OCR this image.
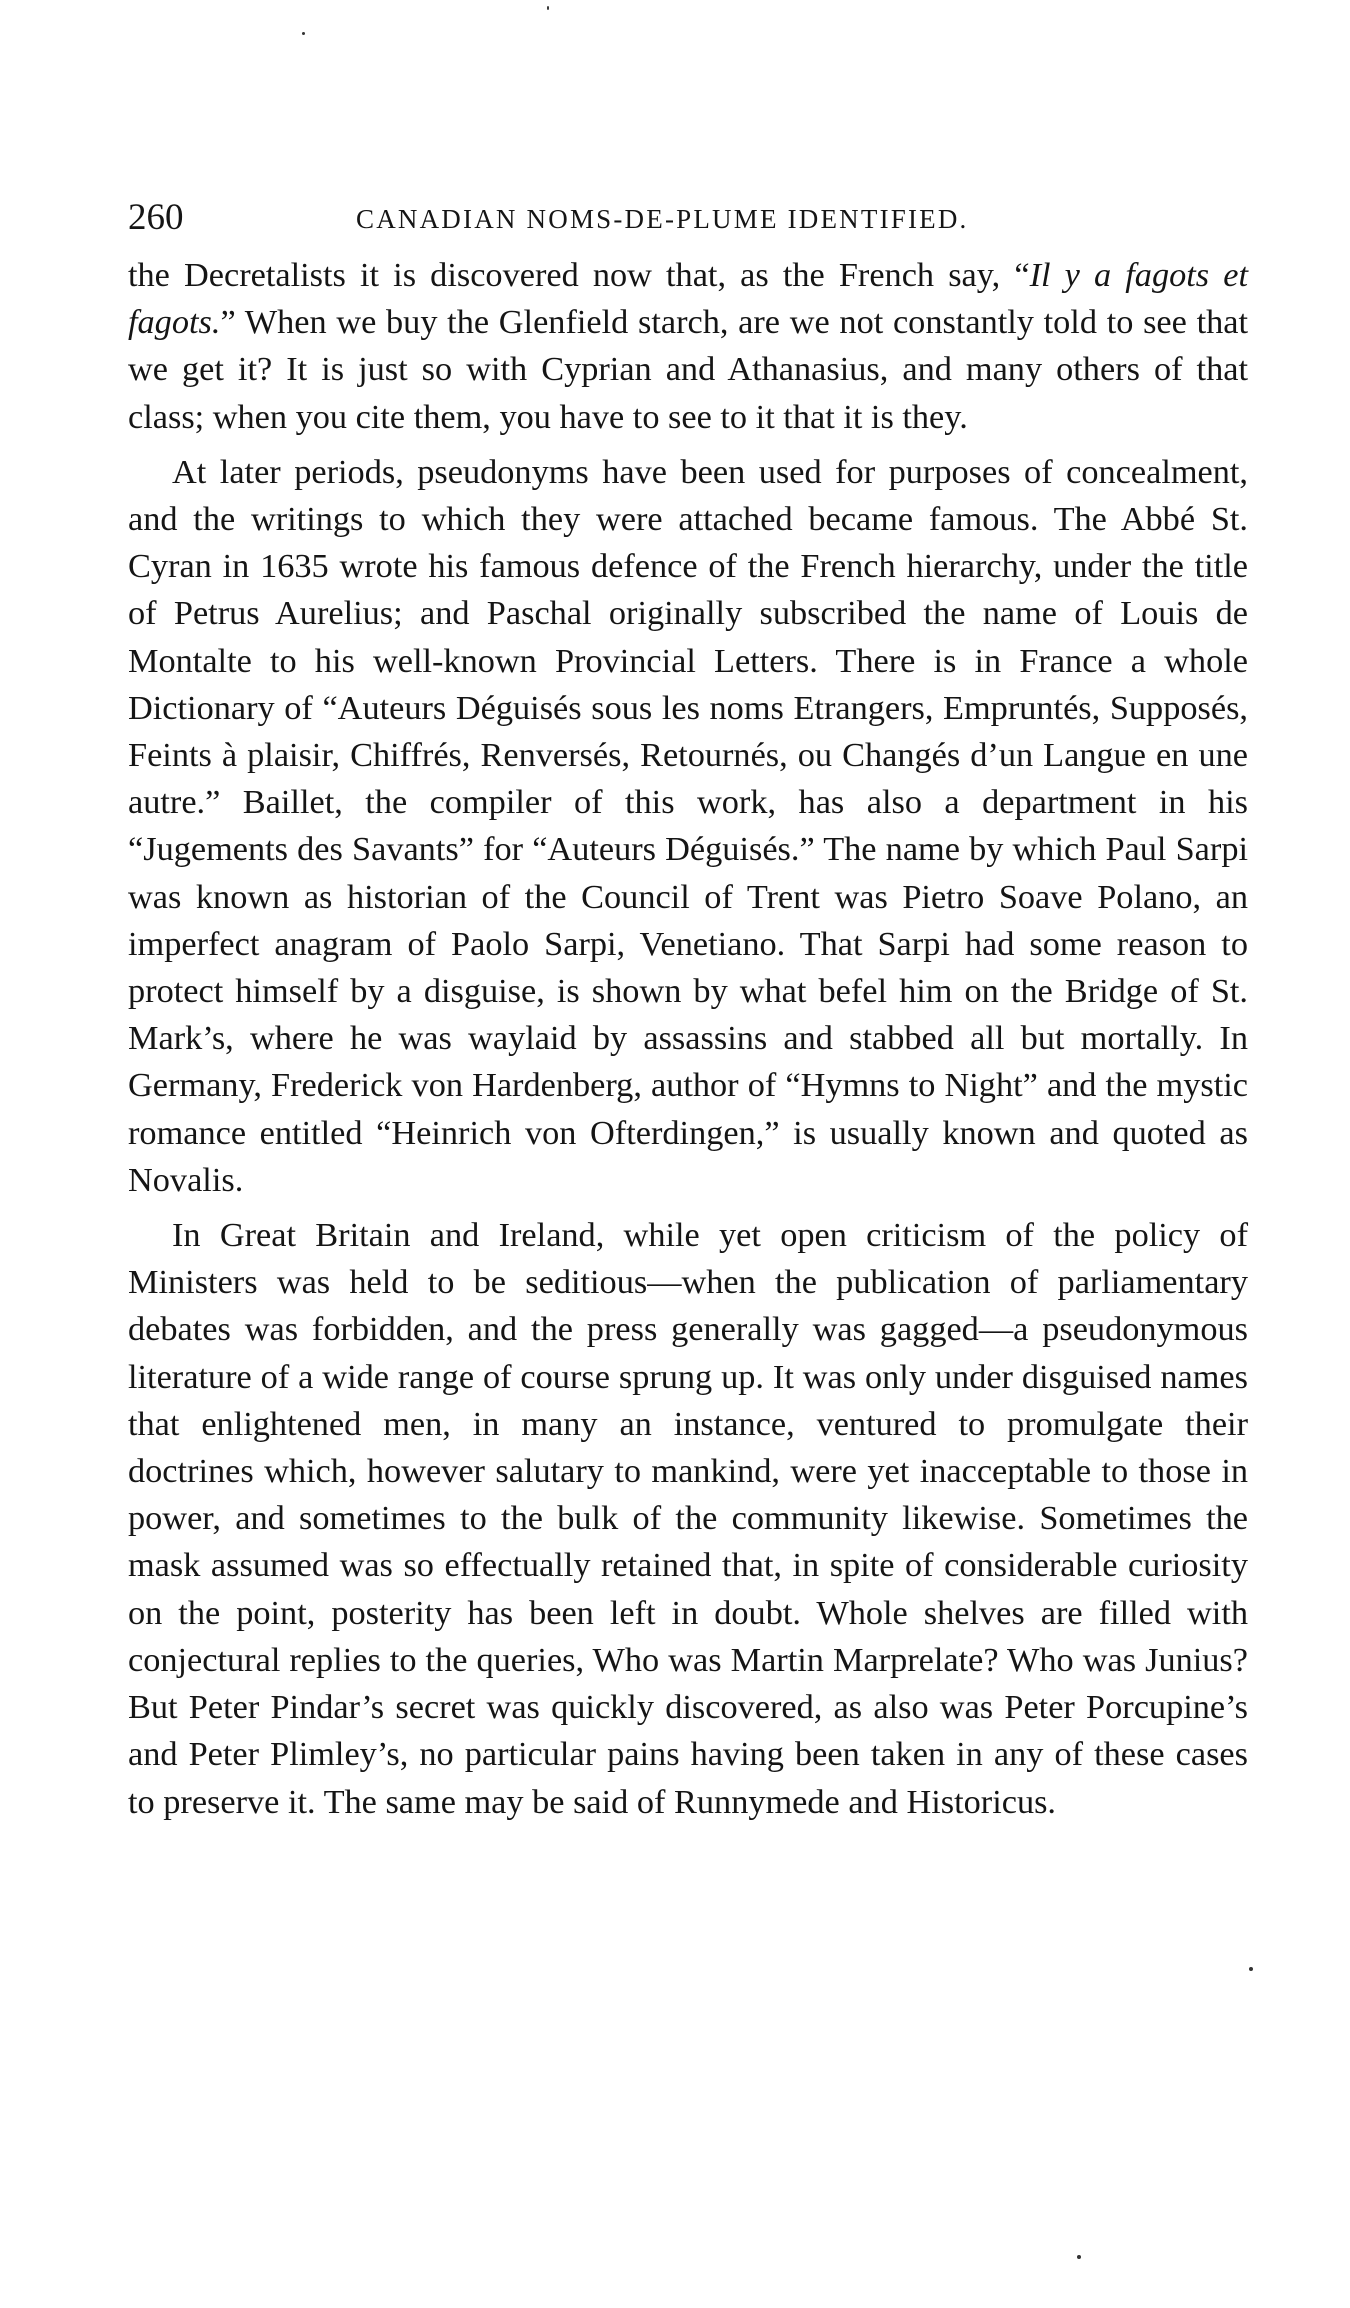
260	CANADIAN NOMS-DE-PLUME IDENTIFIED.

the Decretalists it is discovered now that, as the French say, “Il y a fagots et fagots.” When we buy the Glenfield starch, are we not constantly told to see that we get it? It is just so with Cyprian and Athanasius, and many others of that class; when you cite them, you have to see to it that it is they.

At later periods, pseudonyms have been used for purposes of concealment, and the writings to which they were attached became famous. The Abbé St. Cyran in 1635 wrote his famous defence of the French hierarchy, under the title of Petrus Aurelius; and Paschal originally subscribed the name of Louis de Montalte to his well-known Provincial Letters. There is in France a whole Dictionary of “Auteurs Déguisés sous les noms Etrangers, Empruntés, Supposés, Feints à plaisir, Chiffrés, Renversés, Retournés, ou Changés d’un Langue en une autre.” Baillet, the compiler of this work, has also a department in his “Jugements des Savants” for “Auteurs Déguisés.” The name by which Paul Sarpi was known as historian of the Council of Trent was Pietro Soave Polano, an imperfect anagram of Paolo Sarpi, Venetiano. That Sarpi had some reason to protect himself by a disguise, is shown by what befel him on the Bridge of St. Mark’s, where he was waylaid by assassins and stabbed all but mortally. In Germany, Frederick von Hardenberg, author of “Hymns to Night” and the mystic romance entitled “Heinrich von Ofterdingen,” is usually known and quoted as Novalis.

In Great Britain and Ireland, while yet open criticism of the policy of Ministers was held to be seditious—when the publication of parliamentary debates was forbidden, and the press generally was gagged—a pseudonymous literature of a wide range of course sprung up. It was only under disguised names that enlightened men, in many an instance, ventured to promulgate their doctrines which, however salutary to mankind, were yet inacceptable to those in power, and sometimes to the bulk of the community likewise. Sometimes the mask assumed was so effectually retained that, in spite of considerable curiosity on the point, posterity has been left in doubt. Whole shelves are filled with conjectural replies to the queries, Who was Martin Marprelate? Who was Junius? But Peter Pindar’s secret was quickly discovered, as also was Peter Porcupine’s and Peter Plimley’s, no particular pains having been taken in any of these cases to preserve it. The same may be said of Runnymede and Historicus.
